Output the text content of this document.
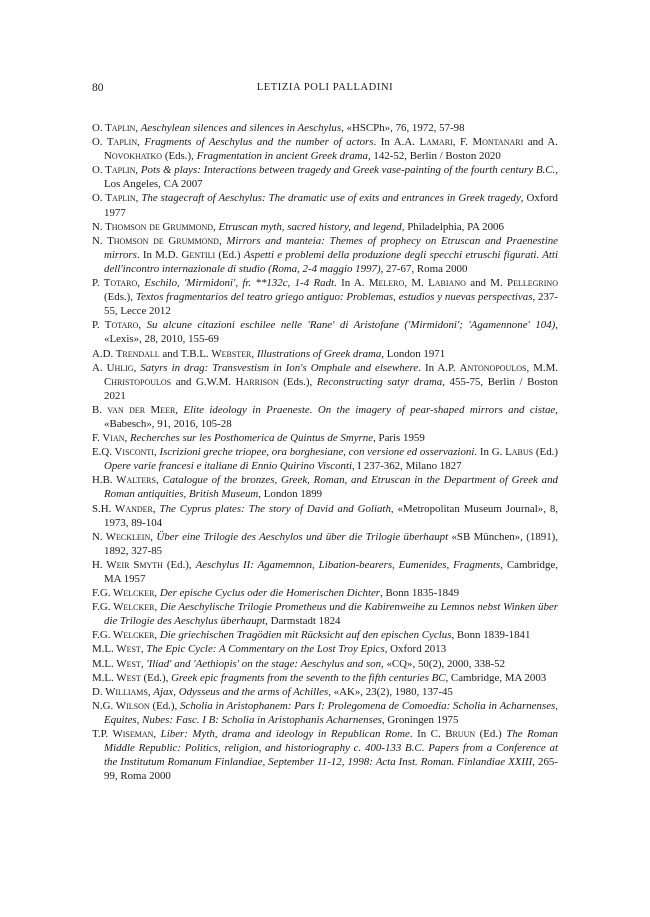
80	LETIZIA POLI PALLADINI

O. Taplin, Aeschylean silences and silences in Aeschylus, «HSCPh», 76, 1972, 57-98

O. Taplin, Fragments of Aeschylus and the number of actors. In A.A. Lamari, F. Montanari and A. Novokhatko (Eds.), Fragmentation in ancient Greek drama, 142-52, Berlin / Boston 2020

O. Taplin, Pots & plays: Interactions between tragedy and Greek vase-painting of the fourth century B.C., Los Angeles, CA 2007

O. Taplin, The stagecraft of Aeschylus: The dramatic use of exits and entrances in Greek tragedy, Oxford 1977

N. Thomson de Grummond, Etruscan myth, sacred history, and legend, Philadelphia, PA 2006

N. Thomson de Grummond, Mirrors and manteia: Themes of prophecy on Etruscan and Praenestine mirrors. In M.D. Gentili (Ed.) Aspetti e problemi della produzione degli specchi etruschi figurati. Atti dell'incontro internazionale di studio (Roma, 2-4 maggio 1997), 27-67, Roma 2000

P. Totaro, Eschilo, 'Mirmidoni', fr. **132c, 1-4 Radt. In A. Melero, M. Labiano and M. Pellegrino (Eds.), Textos fragmentarios del teatro griego antiguo: Problemas, estudios y nuevas perspectivas, 237-55, Lecce 2012

P. Totaro, Su alcune citazioni eschilee nelle 'Rane' di Aristofane ('Mirmidoni'; 'Agamennone' 104), «Lexis», 28, 2010, 155-69

A.D. Trendall and T.B.L. Webster, Illustrations of Greek drama, London 1971

A. Uhlig, Satyrs in drag: Transvestism in Ion's Omphale and elsewhere. In A.P. Antonopoulos, M.M. Christopoulos and G.W.M. Harrison (Eds.), Reconstructing satyr drama, 455-75, Berlin / Boston 2021

B. van der Meer, Elite ideology in Praeneste. On the imagery of pear-shaped mirrors and cistae, «Babesch», 91, 2016, 105-28

F. Vian, Recherches sur les Posthomerica de Quintus de Smyrne, Paris 1959

E.Q. Visconti, Iscrizioni greche triopee, ora borghesiane, con versione ed osservazioni. In G. Labus (Ed.) Opere varie francesi e italiane di Ennio Quirino Visconti, I 237-362, Milano 1827

H.B. Walters, Catalogue of the bronzes, Greek, Roman, and Etruscan in the Department of Greek and Roman antiquities, British Museum, London 1899

S.H. Wander, The Cyprus plates: The story of David and Goliath, «Metropolitan Museum Journal», 8, 1973, 89-104

N. Wecklein, Über eine Trilogie des Aeschylos und über die Trilogie überhaupt «SB München», (1891), 1892, 327-85

H. Weir Smyth (Ed.), Aeschylus II: Agamemnon, Libation-bearers, Eumenides, Fragments, Cambridge, MA 1957

F.G. Welcker, Der epische Cyclus oder die Homerischen Dichter, Bonn 1835-1849

F.G. Welcker, Die Aeschylische Trilogie Prometheus und die Kabirenweihe zu Lemnos nebst Winken über die Trilogie des Aeschylus überhaupt, Darmstadt 1824

F.G. Welcker, Die griechischen Tragödien mit Rücksicht auf den epischen Cyclus, Bonn 1839-1841

M.L. West, The Epic Cycle: A Commentary on the Lost Troy Epics, Oxford 2013

M.L. West, 'Iliad' and 'Aethiopis' on the stage: Aeschylus and son, «CQ», 50(2), 2000, 338-52

M.L. West (Ed.), Greek epic fragments from the seventh to the fifth centuries BC, Cambridge, MA 2003

D. Williams, Ajax, Odysseus and the arms of Achilles, «AK», 23(2), 1980, 137-45

N.G. Wilson (Ed.), Scholia in Aristophanem: Pars I: Prolegomena de Comoedia: Scholia in Acharnenses, Equites, Nubes: Fasc. I B: Scholia in Aristophanis Acharnenses, Groningen 1975

T.P. Wiseman, Liber: Myth, drama and ideology in Republican Rome. In C. Bruun (Ed.) The Roman Middle Republic: Politics, religion, and historiography c. 400-133 B.C. Papers from a Conference at the Institutum Romanum Finlandiae, September 11-12, 1998: Acta Inst. Roman. Finlandiae XXIII, 265-99, Roma 2000
